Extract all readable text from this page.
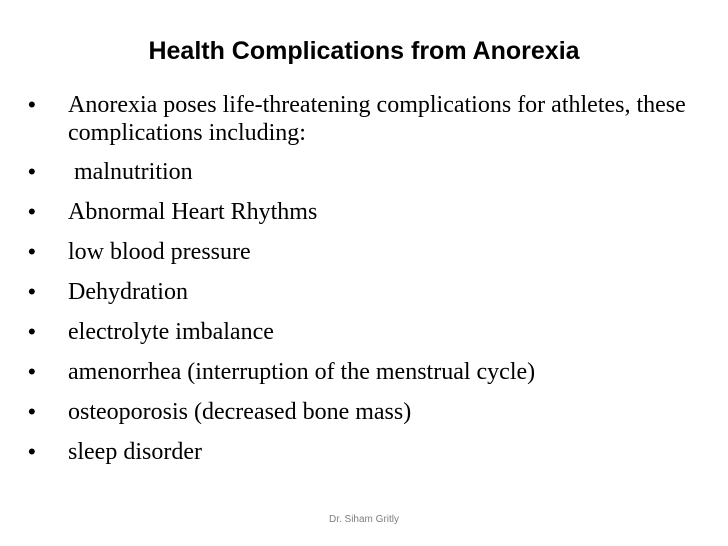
Health Complications from Anorexia
•	Anorexia poses life-threatening complications for athletes, these complications including:
•	malnutrition
•	Abnormal Heart Rhythms
•	low blood pressure
•	Dehydration
•	electrolyte imbalance
•	amenorrhea (interruption of the menstrual cycle)
•	osteoporosis (decreased bone mass)
•	sleep disorder
Dr. Siham Gritly
